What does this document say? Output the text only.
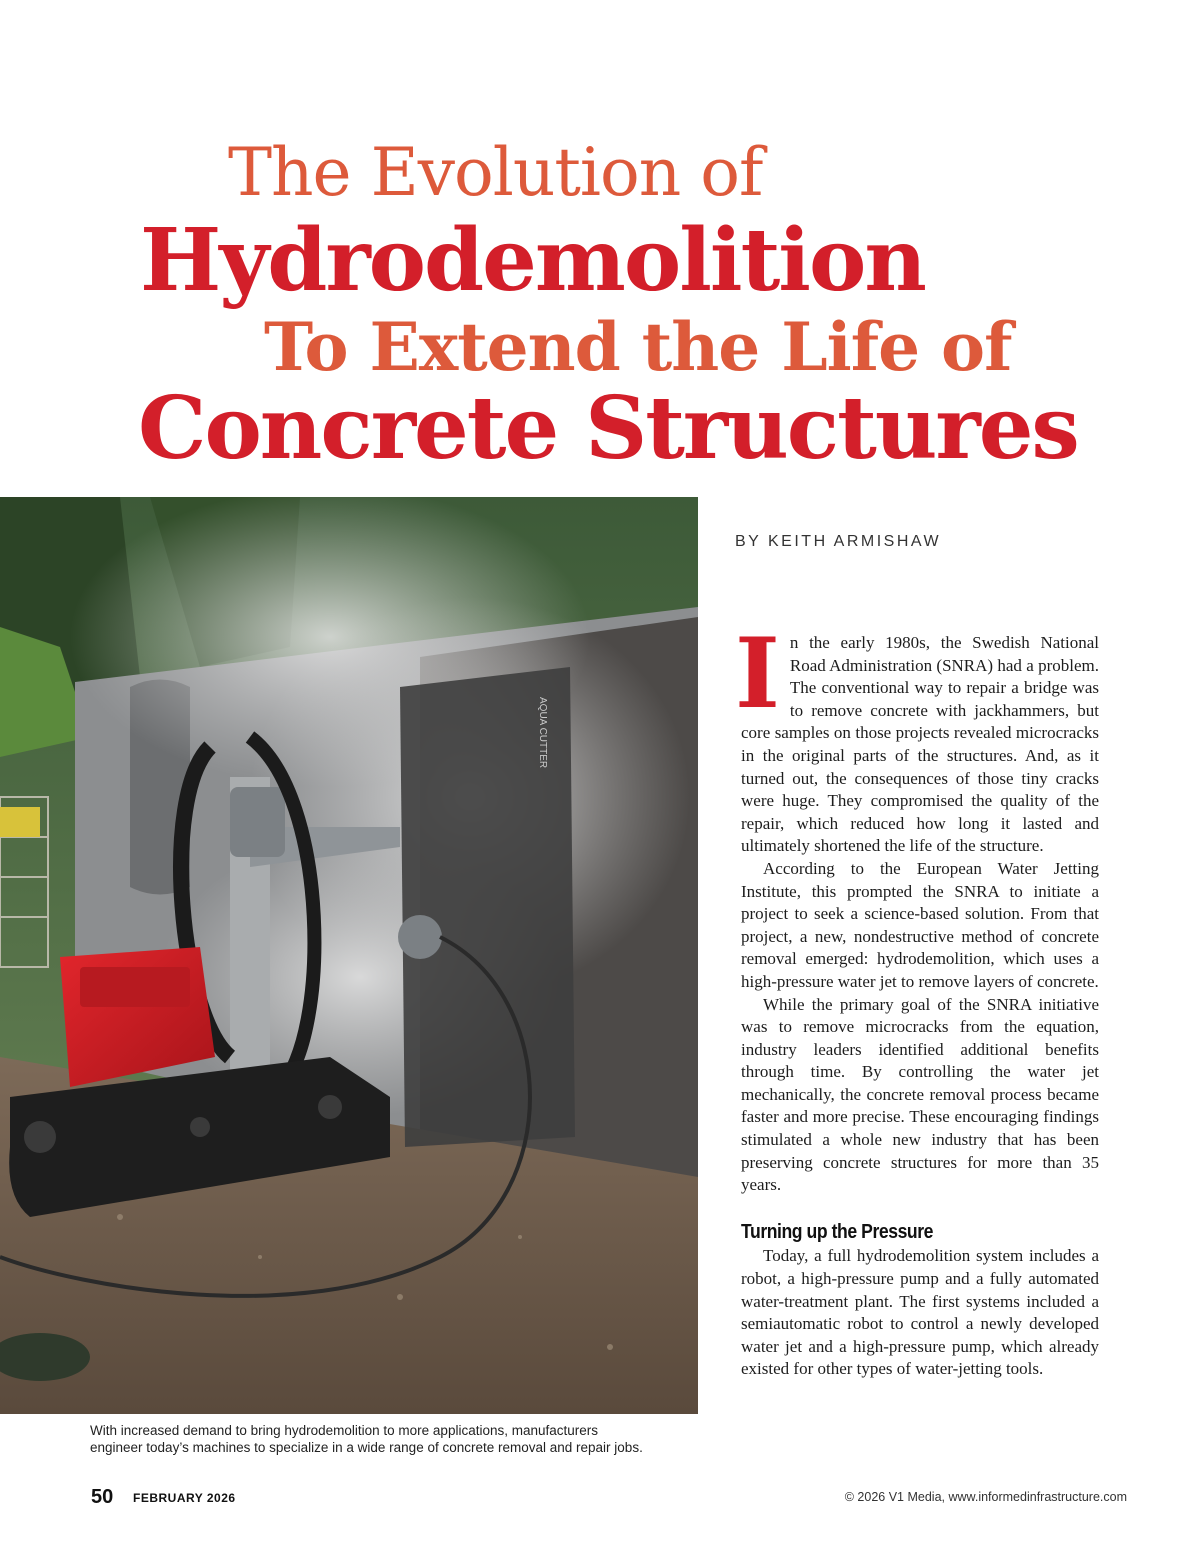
The Evolution of
Hydrodemolition
To Extend the Life of
Concrete Structures
AQUA CUTTER
With increased demand to bring hydrodemolition to more applications, manufacturers engineer today’s machines to specialize in a wide range of concrete removal and repair jobs.
BY KEITH ARMISHAW

In the early 1980s, the Swedish National Road Administration (SNRA) had a problem. The conventional way to repair a bridge was to remove concrete with jackhammers, but core samples on those projects revealed microcracks in the original parts of the structures. And, as it turned out, the consequences of those tiny cracks were huge. They compromised the quality of the repair, which reduced how long it lasted and ultimately shortened the life of the structure.

According to the European Water Jetting Institute, this prompted the SNRA to initiate a project to seek a science-based solution. From that project, a new, nondestructive method of concrete removal emerged: hydrodemolition, which uses a high-pressure water jet to remove layers of concrete.

While the primary goal of the SNRA initiative was to remove microcracks from the equation, industry leaders identified additional benefits through time. By controlling the water jet mechanically, the concrete removal process became faster and more precise. These encouraging findings stimulated a whole new industry that has been preserving concrete structures for more than 35 years.

Turning up the Pressure

Today, a full hydrodemolition system includes a robot, a high-pressure pump and a fully automated water-treatment plant. The first systems included a semiautomatic robot to control a newly developed water jet and a high-pressure pump, which already existed for other types of water-jetting tools.

50 FEBRUARY 2026	© 2026 V1 Media, www.informedinfrastructure.com
